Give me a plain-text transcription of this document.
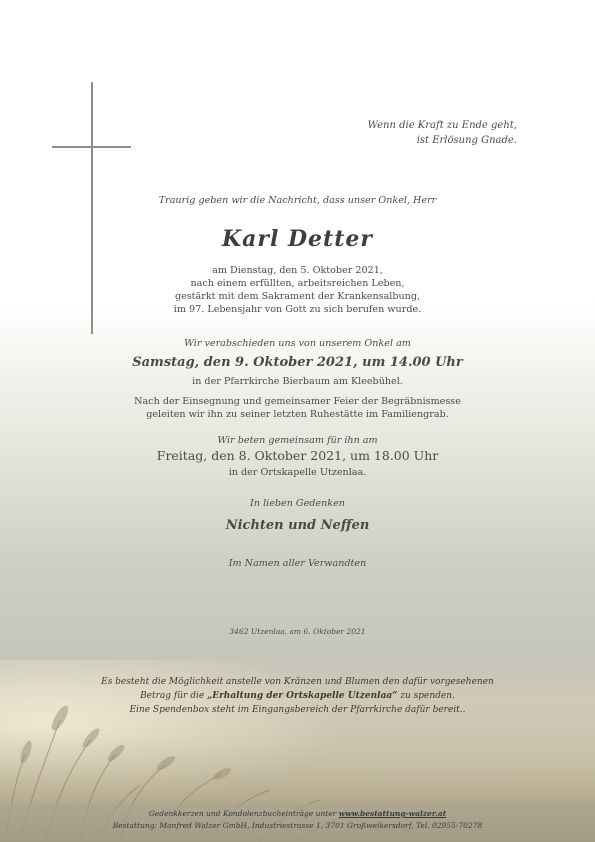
Wenn die Kraft zu Ende geht,
ist Erlösung Gnade.
Traurig geben wir die Nachricht, dass unser Onkel, Herr
Karl Detter
am Dienstag, den 5. Oktober 2021,
nach einem erfüllten, arbeitsreichen Leben,
gestärkt mit dem Sakrament der Krankensalbung,
im 97. Lebensjahr von Gott zu sich berufen wurde.
Wir verabschieden uns von unserem Onkel am
Samstag, den 9. Oktober 2021, um 14.00 Uhr
in der Pfarrkirche Bierbaum am Kleebühel.
Nach der Einsegnung und gemeinsamer Feier der Begräbnismesse
geleiten wir ihn zu seiner letzten Ruhestätte im Familiengrab.
Wir beten gemeinsam für ihn am
Freitag, den 8. Oktober 2021, um 18.00 Uhr
in der Ortskapelle Utzenlaa.
In lieben Gedenken
Nichten und Neffen
Im Namen aller Verwandten
3462 Utzenlaa, am 6. Oktober 2021
Es besteht die Möglichkeit anstelle von Kränzen und Blumen den dafür vorgesehenen
Betrag für die „Erhaltung der Ortskapelle Utzenlaa“ zu spenden.
Eine Spendenbox steht im Eingangsbereich der Pfarrkirche dafür bereit..
Gedenkkerzen und Kondolenzbucheinträge unter www.bestattung-walzer.at
Bestattung: Manfred Walzer GmbH, Industriestrasse 1, 3701 Großweikersdorf, Tel. 02955-70278
